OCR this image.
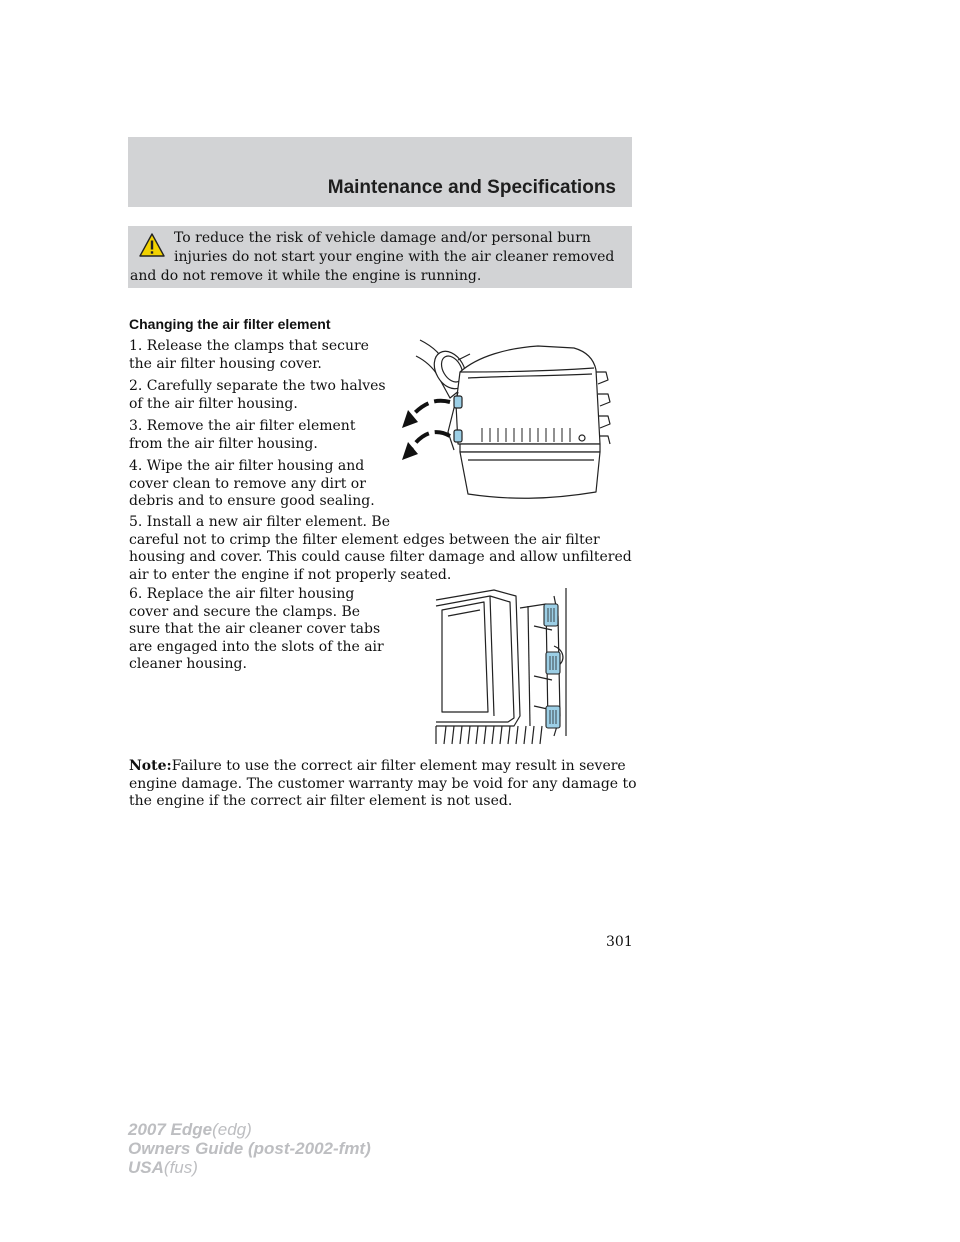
Maintenance and Specifications
To reduce the risk of vehicle damage and/or personal burn
injuries do not start your engine with the air cleaner removed
and do not remove it while the engine is running.
Changing the air filter element
1. Release the clamps that secure
the air filter housing cover.
2. Carefully separate the two halves
of the air filter housing.
3. Remove the air filter element
from the air filter housing.
4. Wipe the air filter housing and
cover clean to remove any dirt or
debris and to ensure good sealing.
5. Install a new air filter element. Be
careful not to crimp the filter element edges between the air filter
housing and cover. This could cause filter damage and allow unfiltered
air to enter the engine if not properly seated.
6. Replace the air filter housing
cover and secure the clamps. Be
sure that the air cleaner cover tabs
are engaged into the slots of the air
cleaner housing.
Note:Failure to use the correct air filter element may result in severe
engine damage. The customer warranty may be void for any damage to
the engine if the correct air filter element is not used.
301
2007 Edge(edg)
Owners Guide (post-2002-fmt)
USA(fus)
